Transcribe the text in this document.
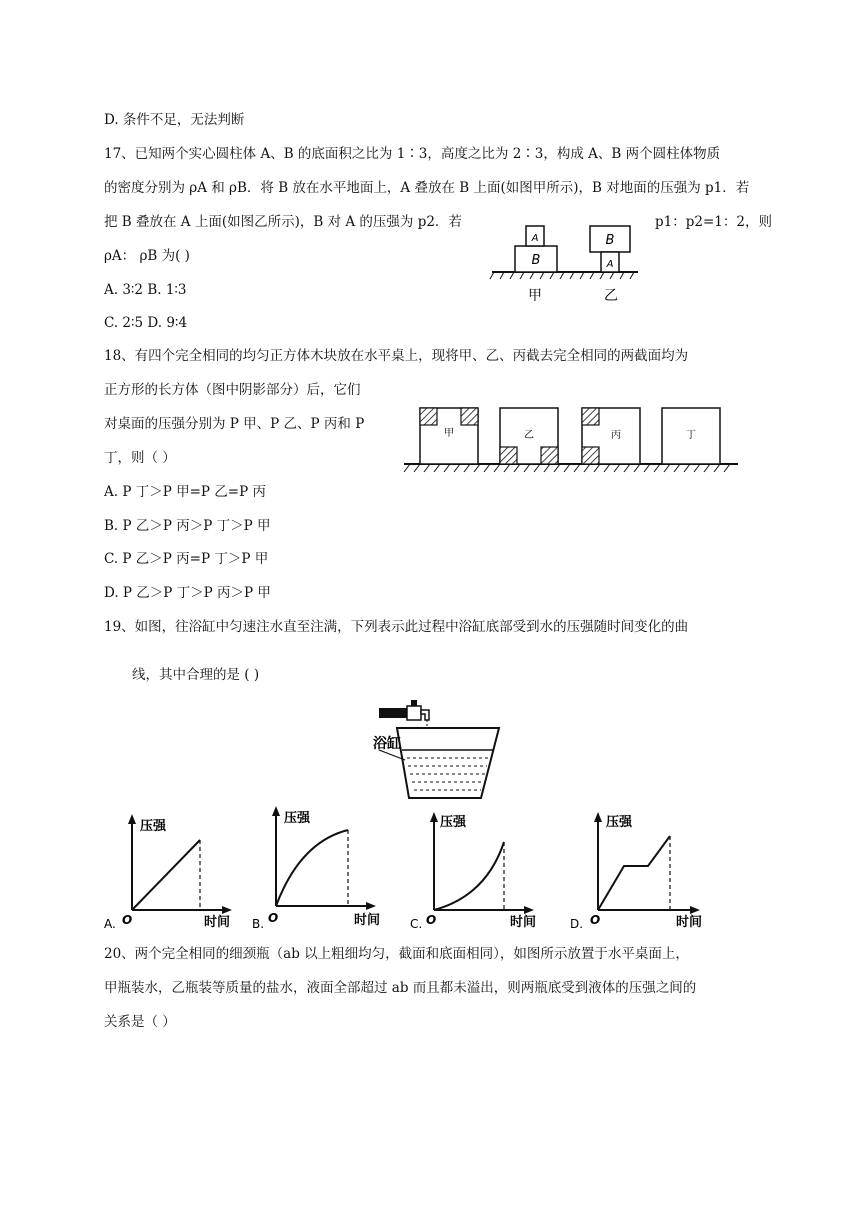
D. 条件不足，无法判断
17、已知两个实心圆柱体 A、B 的底面积之比为 1∶3，高度之比为 2∶3，构成 A、B 两个圆柱体物质
的密度分别为 ρA 和 ρB．将 B 放在水平地面上，A 叠放在 B 上面(如图甲所示)，B 对地面的压强为 p1．若
把 B 叠放在 A 上面(如图乙所示)，B 对 A 的压强为 p2．若	p1：p2=1：2，则
ρA： ρB 为( )
A. 3∶2 B. 1∶3
C. 2∶5 D. 9∶4
A
B
甲
B
A
乙
18、有四个完全相同的均匀正方体木块放在水平桌上，现将甲、乙、丙截去完全相同的两截面均为
正方形的长方体（图中阴影部分）后，它们
对桌面的压强分别为 P 甲、P 乙、P 丙和 P
丁，则（ ）
A. P 丁＞P 甲=P 乙=P 丙
B. P 乙＞P 丙＞P 丁＞P 甲
C. P 乙＞P 丙=P 丁＞P 甲
D. P 乙＞P 丁＞P 丙＞P 甲
甲	乙	丙	丁
19、如图，往浴缸中匀速注水直至注满，下列表示此过程中浴缸底部受到水的压强随时间变化的曲
线，其中合理的是 ( )
浴缸
压强
O	时间
A.
压强
O	时间
B.
压强
O	时间
C.
压强
O	时间
D.
20、两个完全相同的细颈瓶（ab 以上粗细均匀，截面和底面相同），如图所示放置于水平桌面上，
甲瓶装水，乙瓶装等质量的盐水，液面全部超过 ab 而且都未溢出，则两瓶底受到液体的压强之间的
关系是（ ）
